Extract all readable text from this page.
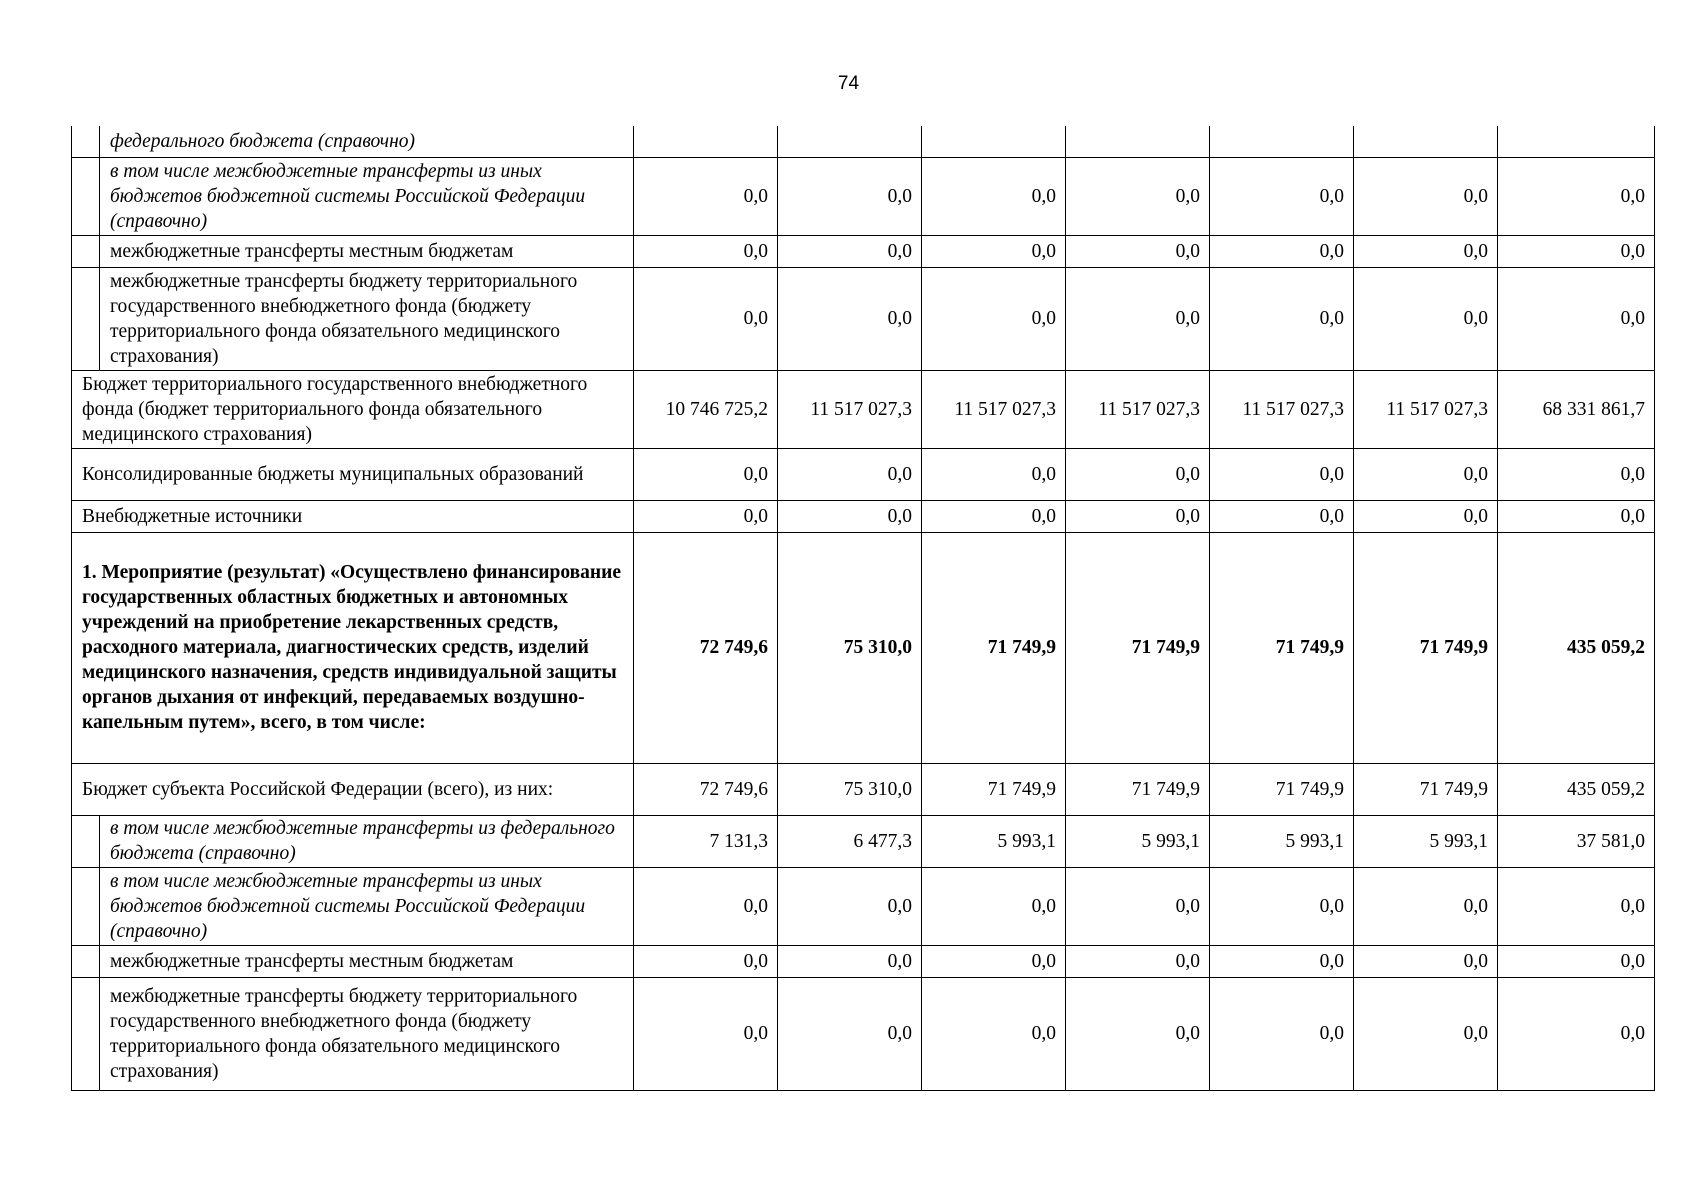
74
	федерального бюджета (справочно)							
	в том числе межбюджетные трансферты из иных бюджетов бюджетной системы Российской Федерации (справочно)	0,0	0,0	0,0	0,0	0,0	0,0	0,0
	межбюджетные трансферты местным бюджетам	0,0	0,0	0,0	0,0	0,0	0,0	0,0
	межбюджетные трансферты бюджету территориального государственного внебюджетного фонда (бюджету территориального фонда обязательного медицинского страхования)	0,0	0,0	0,0	0,0	0,0	0,0	0,0
Бюджет территориального государственного внебюджетного фонда (бюджет территориального фонда обязательного медицинского страхования)		10 746 725,2	11 517 027,3	11 517 027,3	11 517 027,3	11 517 027,3	11 517 027,3	68 331 861,7
Консолидированные бюджеты муниципальных образований		0,0	0,0	0,0	0,0	0,0	0,0	0,0
Внебюджетные источники		0,0	0,0	0,0	0,0	0,0	0,0	0,0
1. Мероприятие (результат) «Осуществлено финансирование государственных областных бюджетных и автономных учреждений на приобретение лекарственных средств, расходного материала, диагностических средств, изделий медицинского назначения, средств индивидуальной защиты органов дыхания от инфекций, передаваемых воздушно-капельным путем», всего, в том числе:		72 749,6	75 310,0	71 749,9	71 749,9	71 749,9	71 749,9	435 059,2
Бюджет субъекта Российской Федерации (всего), из них:		72 749,6	75 310,0	71 749,9	71 749,9	71 749,9	71 749,9	435 059,2
	в том числе межбюджетные трансферты из федерального бюджета (справочно)	7 131,3	6 477,3	5 993,1	5 993,1	5 993,1	5 993,1	37 581,0
	в том числе межбюджетные трансферты из иных бюджетов бюджетной системы Российской Федерации (справочно)	0,0	0,0	0,0	0,0	0,0	0,0	0,0
	межбюджетные трансферты местным бюджетам	0,0	0,0	0,0	0,0	0,0	0,0	0,0
	межбюджетные трансферты бюджету территориального государственного внебюджетного фонда (бюджету территориального фонда обязательного медицинского страхования)	0,0	0,0	0,0	0,0	0,0	0,0	0,0
